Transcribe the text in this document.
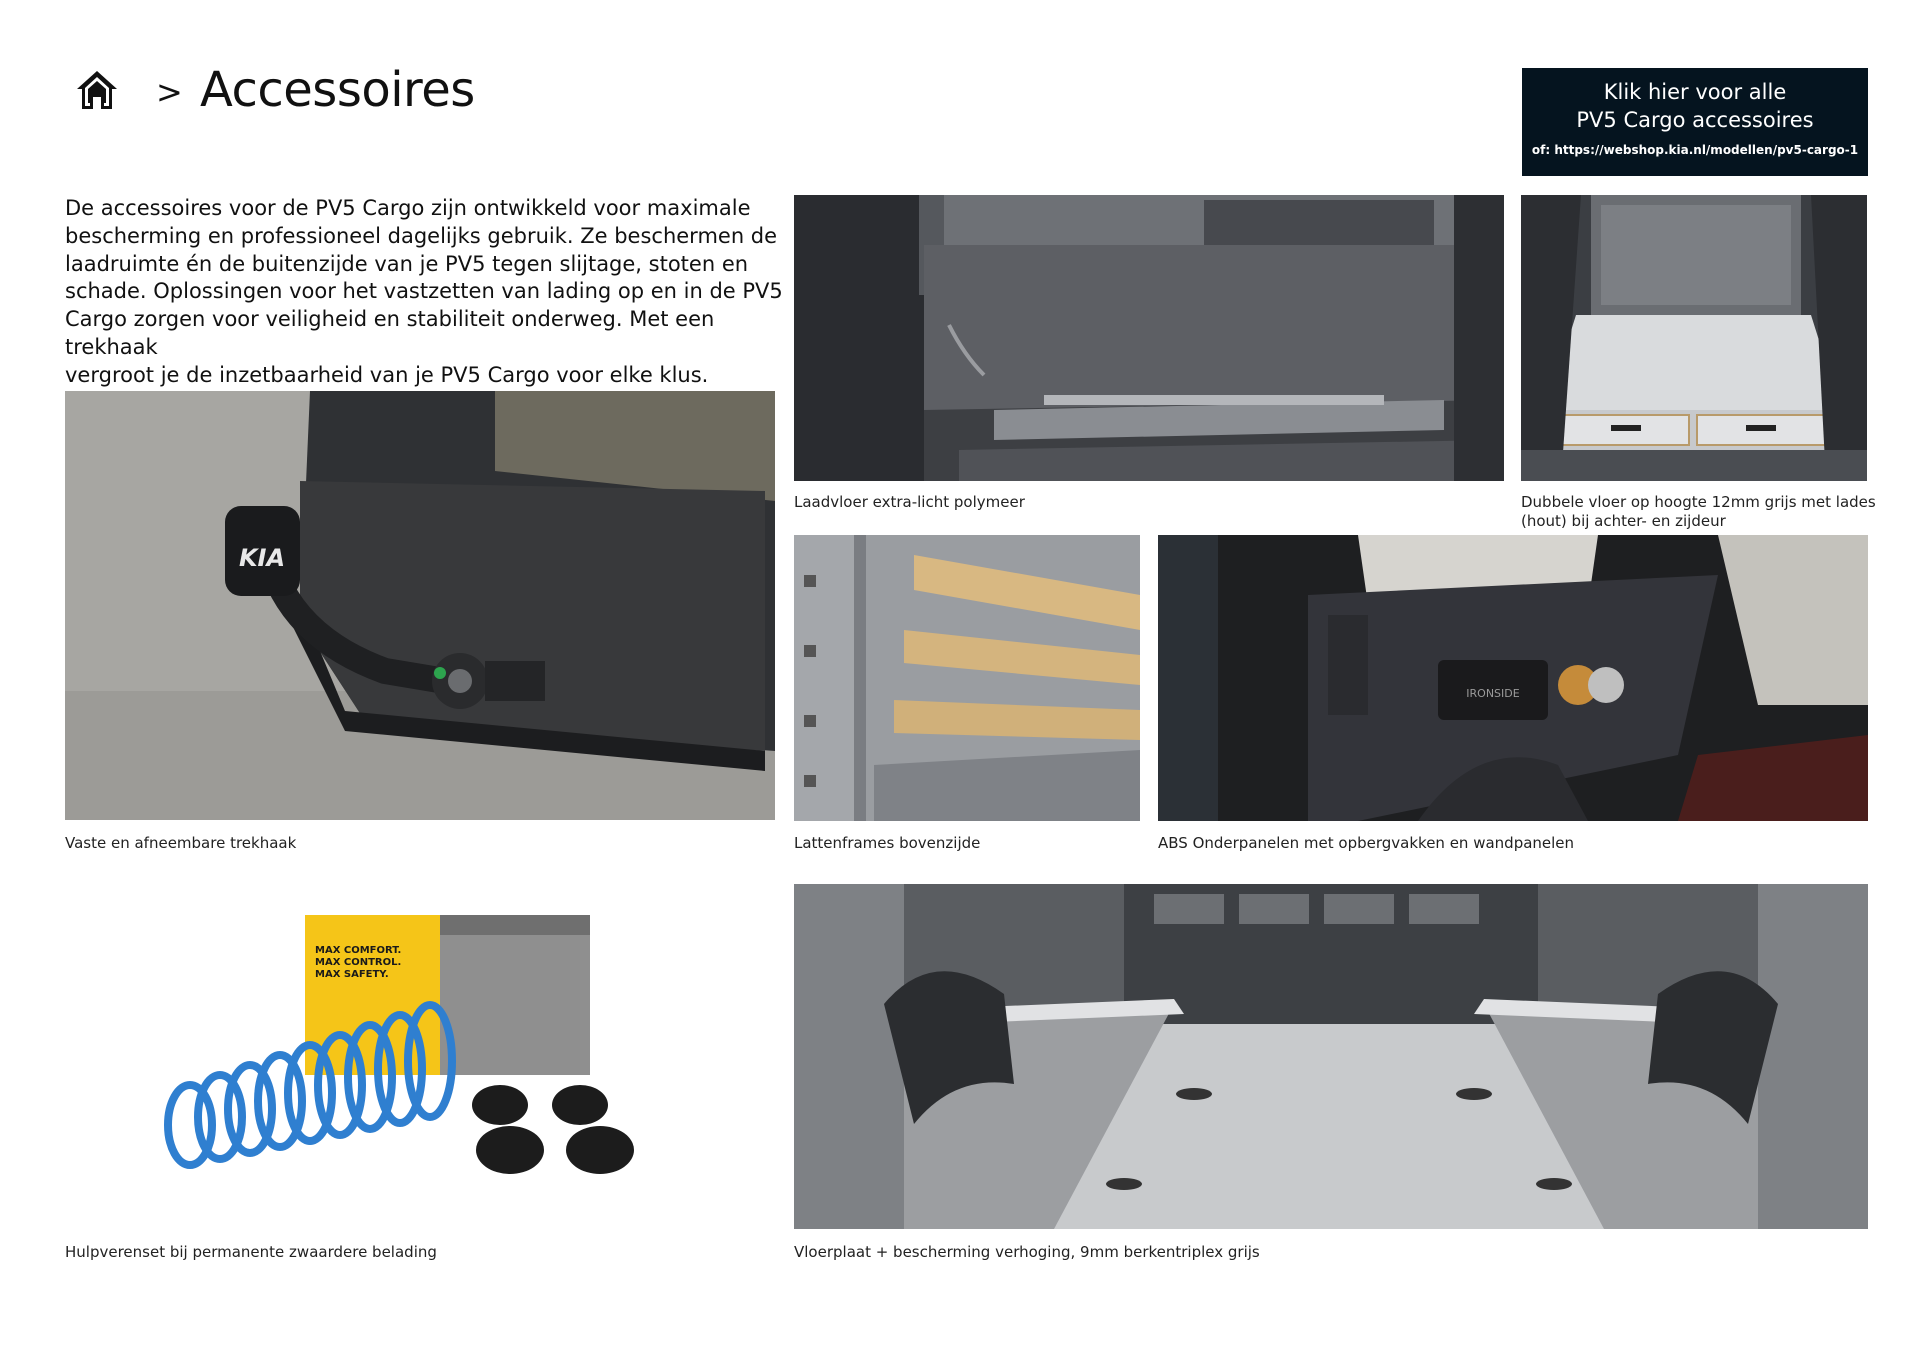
> Accessoires	Klik hier voor alle
PV5 Cargo accessoires
of: https://webshop.kia.nl/modellen/pv5-cargo-1
De accessoires voor de PV5 Cargo zijn ontwikkeld voor maximale
bescherming en professioneel dagelijks gebruik. Ze beschermen de
laadruimte én de buitenzijde van je PV5 tegen slijtage, stoten en
schade. Oplossingen voor het vastzetten van lading op en in de PV5
Cargo zorgen voor veiligheid en stabiliteit onderweg. Met een trekhaak
vergroot je de inzetbaarheid van je PV5 Cargo voor elke klus.
Laadvloer extra-licht polymeer	Dubbele vloer op hoogte 12mm grijs met lades
(hout) bij achter- en zijdeur
KIA
Vaste en afneembare trekhaak	Lattenframes bovenzijde
IRONSIDE
ABS Onderpanelen met opbergvakken en wandpanelen
MAX COMFORT.
MAX CONTROL.
MAX SAFETY.
Hulpverenset bij permanente zwaardere belading	Vloerplaat + bescherming verhoging, 9mm berkentriplex grijs
